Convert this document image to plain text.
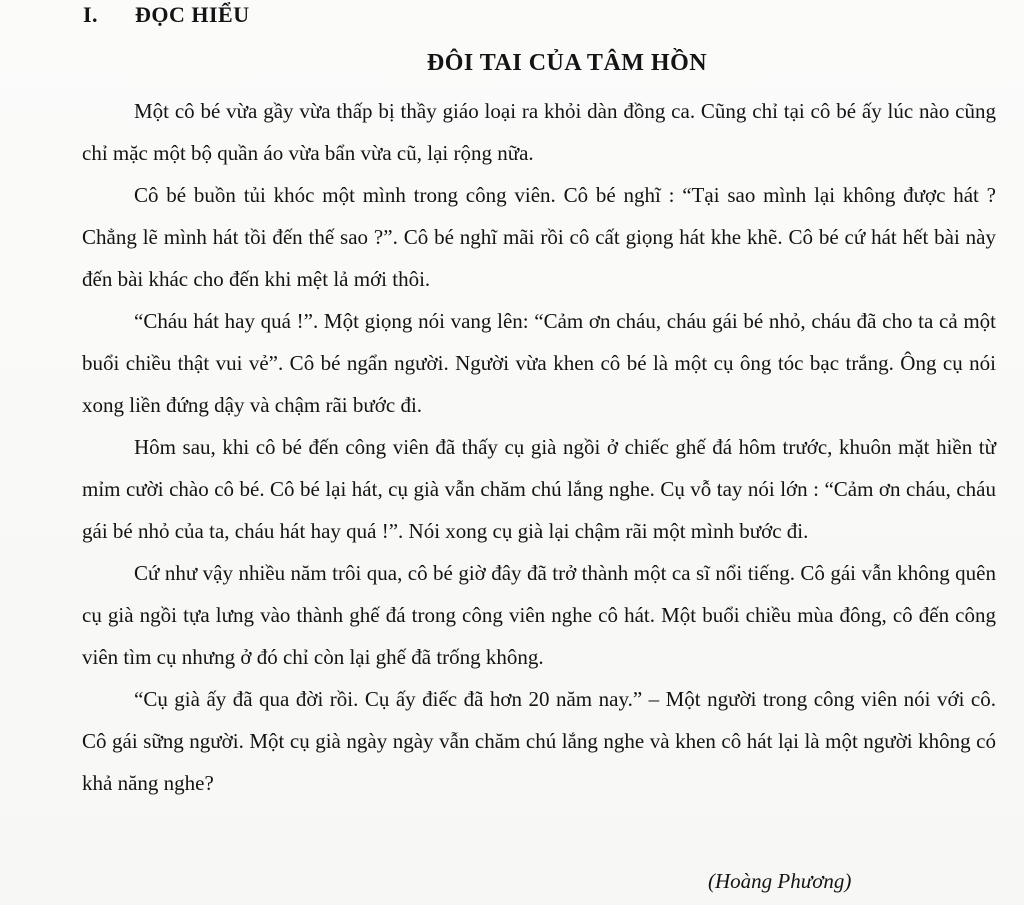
I. ĐỌC HIỂU
ĐÔI TAI CỦA TÂM HỒN

Một cô bé vừa gầy vừa thấp bị thầy giáo loại ra khỏi dàn đồng ca. Cũng chỉ tại cô bé ấy lúc nào cũng chỉ mặc một bộ quần áo vừa bẩn vừa cũ, lại rộng nữa.

Cô bé buồn tủi khóc một mình trong công viên. Cô bé nghĩ : “Tại sao mình lại không được hát ? Chẳng lẽ mình hát tồi đến thế sao ?”. Cô bé nghĩ mãi rồi cô cất giọng hát khe khẽ. Cô bé cứ hát hết bài này đến bài khác cho đến khi mệt lả mới thôi.

“Cháu hát hay quá !”. Một giọng nói vang lên: “Cảm ơn cháu, cháu gái bé nhỏ, cháu đã cho ta cả một buổi chiều thật vui vẻ”. Cô bé ngẩn người. Người vừa khen cô bé là một cụ ông tóc bạc trắng. Ông cụ nói xong liền đứng dậy và chậm rãi bước đi.

Hôm sau, khi cô bé đến công viên đã thấy cụ già ngồi ở chiếc ghế đá hôm trước, khuôn mặt hiền từ mỉm cười chào cô bé. Cô bé lại hát, cụ già vẫn chăm chú lắng nghe. Cụ vỗ tay nói lớn : “Cảm ơn cháu, cháu gái bé nhỏ của ta, cháu hát hay quá !”. Nói xong cụ già lại chậm rãi một mình bước đi.

Cứ như vậy nhiều năm trôi qua, cô bé giờ đây đã trở thành một ca sĩ nổi tiếng. Cô gái vẫn không quên cụ già ngồi tựa lưng vào thành ghế đá trong công viên nghe cô hát. Một buổi chiều mùa đông, cô đến công viên tìm cụ nhưng ở đó chỉ còn lại ghế đã trống không.

“Cụ già ấy đã qua đời rồi. Cụ ấy điếc đã hơn 20 năm nay.” – Một người trong công viên nói với cô. Cô gái sững người. Một cụ già ngày ngày vẫn chăm chú lắng nghe và khen cô hát lại là một người không có khả năng nghe?

(Hoàng Phương)
